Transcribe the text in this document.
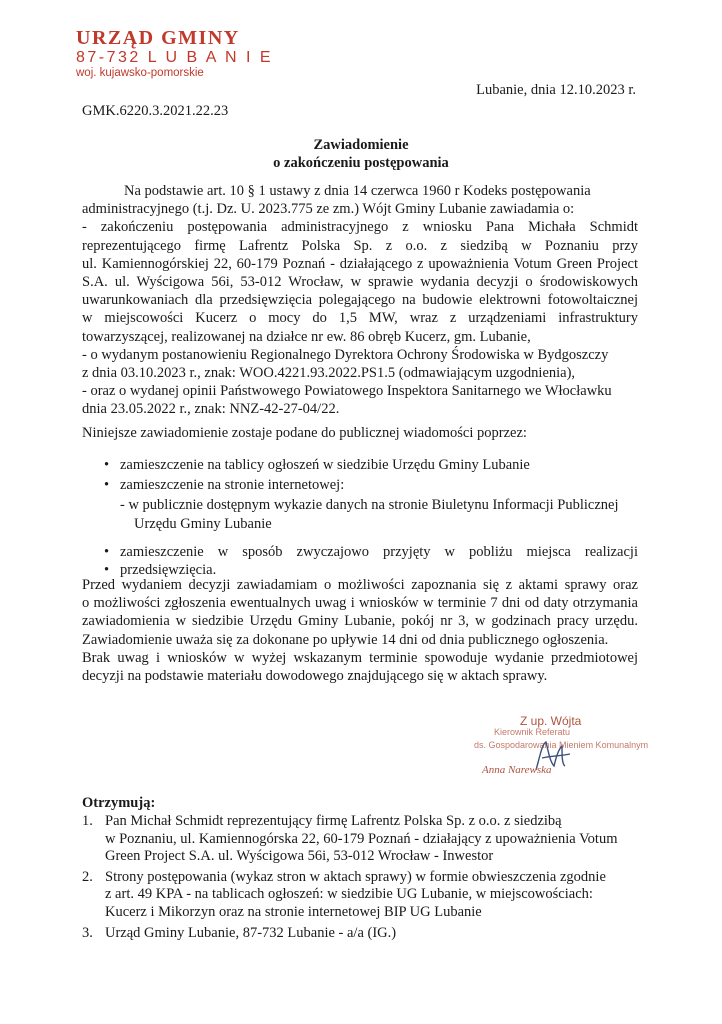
URZĄD GMINY
87-732 L U B A N I E
woj. kujawsko-pomorskie
Lubanie, dnia 12.10.2023 r.
GMK.6220.3.2021.22.23
Zawiadomienie
o zakończeniu postępowania
Na podstawie art. 10 § 1 ustawy z dnia 14 czerwca 1960 r Kodeks postępowania
administracyjnego (t.j. Dz. U. 2023.775 ze zm.) Wójt Gminy Lubanie zawiadamia o:
- zakończeniu postępowania administracyjnego z wniosku Pana Michała Schmidt
reprezentującego firmę Lafrentz Polska Sp. z o.o. z siedzibą w Poznaniu przy
ul. Kamiennogórskiej 22, 60-179 Poznań - działającego z upoważnienia Votum Green Project
S.A. ul. Wyścigowa 56i, 53-012 Wrocław, w sprawie wydania decyzji o środowiskowych
uwarunkowaniach dla przedsięwzięcia polegającego na budowie elektrowni fotowoltaicznej
w miejscowości Kucerz o mocy do 1,5 MW, wraz z urządzeniami infrastruktury
towarzyszącej, realizowanej na działce nr ew. 86 obręb Kucerz, gm. Lubanie,
- o wydanym postanowieniu Regionalnego Dyrektora Ochrony Środowiska w Bydgoszczy
z dnia 03.10.2023 r., znak: WOO.4221.93.2022.PS1.5 (odmawiającym uzgodnienia),
- oraz o wydanej opinii Państwowego Powiatowego Inspektora Sanitarnego we Włocławku
dnia 23.05.2022 r., znak: NNZ-42-27-04/22.
Niniejsze zawiadomienie zostaje podane do publicznej wiadomości poprzez:
• zamieszczenie na tablicy ogłoszeń w siedzibie Urzędu Gminy Lubanie
• zamieszczenie na stronie internetowej:
- w publicznie dostępnym wykazie danych na stronie Biuletynu Informacji Publicznej
Urzędu Gminy Lubanie
• zamieszczenie w sposób zwyczajowo przyjęty w pobliżu miejsca realizacji
• przedsięwzięcia.
Przed wydaniem decyzji zawiadamiam o możliwości zapoznania się z aktami sprawy oraz
o możliwości zgłoszenia ewentualnych uwag i wniosków w terminie 7 dni od daty otrzymania
zawiadomienia w siedzibie Urzędu Gminy Lubanie, pokój nr 3, w godzinach pracy urzędu.
Zawiadomienie uważa się za dokonane po upływie 14 dni od dnia publicznego ogłoszenia.
Brak uwag i wniosków w wyżej wskazanym terminie spowoduje wydanie przedmiotowej
decyzji na podstawie materiału dowodowego znajdującego się w aktach sprawy.
Z up. Wójta
Kierownik Referatu
ds. Gospodarowania Mieniem Komunalnym
Anna Narewska
Otrzymują:
1. Pan Michał Schmidt reprezentujący firmę Lafrentz Polska Sp. z o.o. z siedzibą
w Poznaniu, ul. Kamiennogórska 22, 60-179 Poznań - działający z upoważnienia Votum
Green Project S.A. ul. Wyścigowa 56i, 53-012 Wrocław - Inwestor
2. Strony postępowania (wykaz stron w aktach sprawy) w formie obwieszczenia zgodnie
z art. 49 KPA - na tablicach ogłoszeń: w siedzibie UG Lubanie, w miejscowościach:
Kucerz i Mikorzyn oraz na stronie internetowej BIP UG Lubanie
3. Urząd Gminy Lubanie, 87-732 Lubanie - a/a (IG.)
